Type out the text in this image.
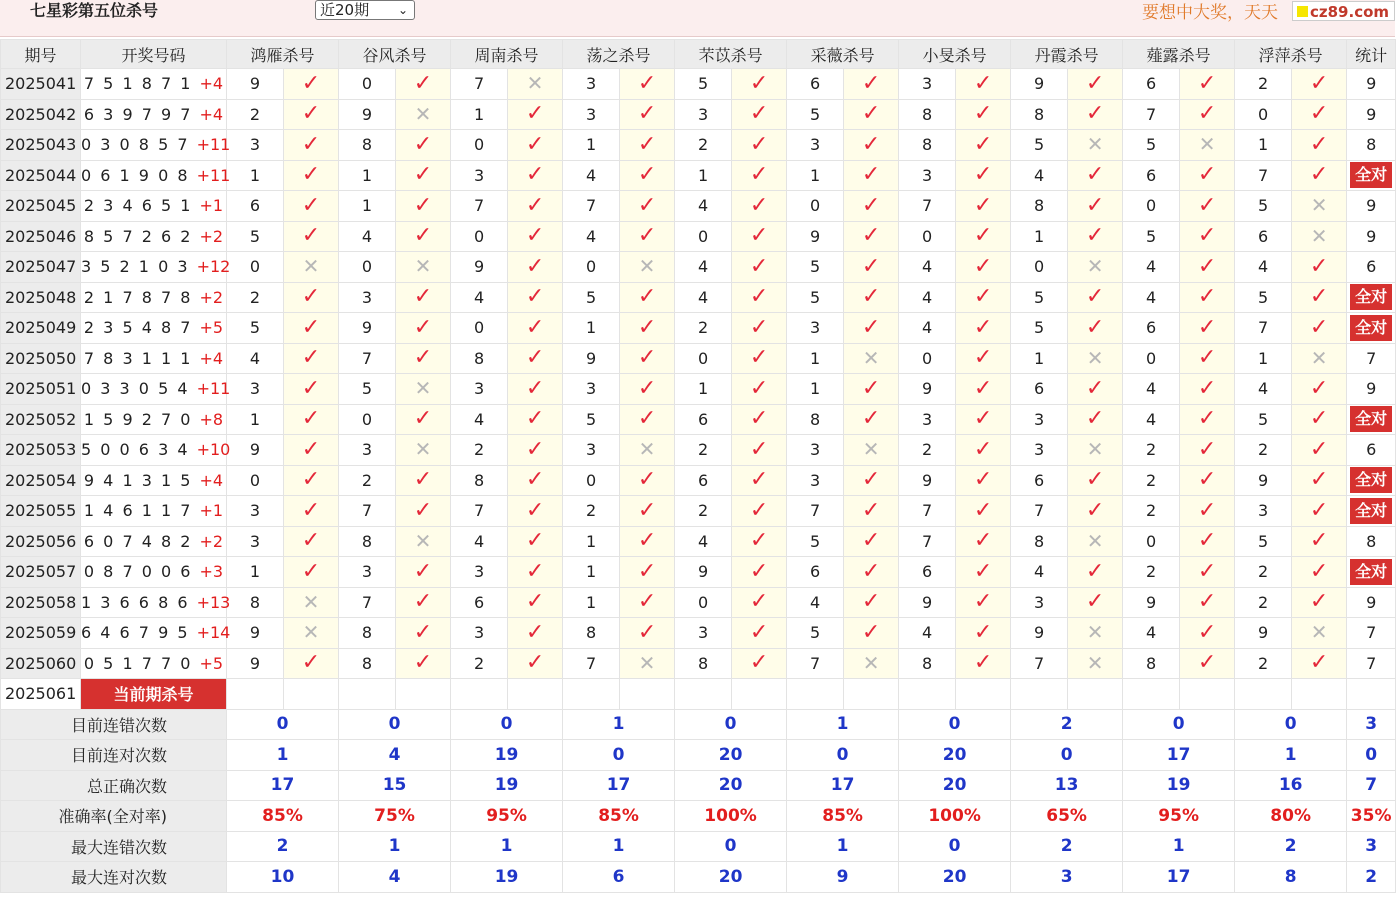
七星彩第五位杀号	近20期 ⌄	要想中大奖，天天	cz89.com
期号	开奖号码	鸿雁杀号		谷风杀号		周南杀号		荡之杀号		芣苡杀号		采薇杀号		小旻杀号		丹霞杀号		薤露杀号		浮萍杀号		统计
2025041	7 5 1 8 7 1 +4	9	✓	0	✓	7	✕	3	✓	5	✓	6	✓	3	✓	9	✓	6	✓	2	✓	9
2025042	6 3 9 7 9 7 +4	2	✓	9	✕	1	✓	3	✓	3	✓	5	✓	8	✓	8	✓	7	✓	0	✓	9
2025043	0 3 0 8 5 7 +11	3	✓	8	✓	0	✓	1	✓	2	✓	3	✓	8	✓	5	✕	5	✕	1	✓	8
2025044	0 6 1 9 0 8 +11	1	✓	1	✓	3	✓	4	✓	1	✓	1	✓	3	✓	4	✓	6	✓	7	✓	全对
2025045	2 3 4 6 5 1 +1	6	✓	1	✓	7	✓	7	✓	4	✓	0	✓	7	✓	8	✓	0	✓	5	✕	9
2025046	8 5 7 2 6 2 +2	5	✓	4	✓	0	✓	4	✓	0	✓	9	✓	0	✓	1	✓	5	✓	6	✕	9
2025047	3 5 2 1 0 3 +12	0	✕	0	✕	9	✓	0	✕	4	✓	5	✓	4	✓	0	✕	4	✓	4	✓	6
2025048	2 1 7 8 7 8 +2	2	✓	3	✓	4	✓	5	✓	4	✓	5	✓	4	✓	5	✓	4	✓	5	✓	全对
2025049	2 3 5 4 8 7 +5	5	✓	9	✓	0	✓	1	✓	2	✓	3	✓	4	✓	5	✓	6	✓	7	✓	全对
2025050	7 8 3 1 1 1 +4	4	✓	7	✓	8	✓	9	✓	0	✓	1	✕	0	✓	1	✕	0	✓	1	✕	7
2025051	0 3 3 0 5 4 +11	3	✓	5	✕	3	✓	3	✓	1	✓	1	✓	9	✓	6	✓	4	✓	4	✓	9
2025052	1 5 9 2 7 0 +8	1	✓	0	✓	4	✓	5	✓	6	✓	8	✓	3	✓	3	✓	4	✓	5	✓	全对
2025053	5 0 0 6 3 4 +10	9	✓	3	✕	2	✓	3	✕	2	✓	3	✕	2	✓	3	✕	2	✓	2	✓	6
2025054	9 4 1 3 1 5 +4	0	✓	2	✓	8	✓	0	✓	6	✓	3	✓	9	✓	6	✓	2	✓	9	✓	全对
2025055	1 4 6 1 1 7 +1	3	✓	7	✓	7	✓	2	✓	2	✓	7	✓	7	✓	7	✓	2	✓	3	✓	全对
2025056	6 0 7 4 8 2 +2	3	✓	8	✕	4	✓	1	✓	4	✓	5	✓	7	✓	8	✕	0	✓	5	✓	8
2025057	0 8 7 0 0 6 +3	1	✓	3	✓	3	✓	1	✓	9	✓	6	✓	6	✓	4	✓	2	✓	2	✓	全对
2025058	1 3 6 6 8 6 +13	8	✕	7	✓	6	✓	1	✓	0	✓	4	✓	9	✓	3	✓	9	✓	2	✓	9
2025059	6 4 6 7 9 5 +14	9	✕	8	✓	3	✓	8	✓	3	✓	5	✓	4	✓	9	✕	4	✓	9	✕	7
2025060	0 5 1 7 7 0 +5	9	✓	8	✓	2	✓	7	✕	8	✓	7	✕	8	✓	7	✕	8	✓	2	✓	7
2025061	当前期杀号	8		2		8		4		5		9		0		6		7		2		
目前连错次数		0		0		0		1		0		1		0		2		0		0		3
目前连对次数		1		4		19		0		20		0		20		0		17		1		0
总正确次数		17		15		19		17		20		17		20		13		19		16		7
准确率(全对率)		85%		75%		95%		85%		100%		85%		100%		65%		95%		80%		35%
最大连错次数		2		1		1		1		0		1		0		2		1		2		3
最大连对次数		10		4		19		6		20		9		20		3		17		8		2
